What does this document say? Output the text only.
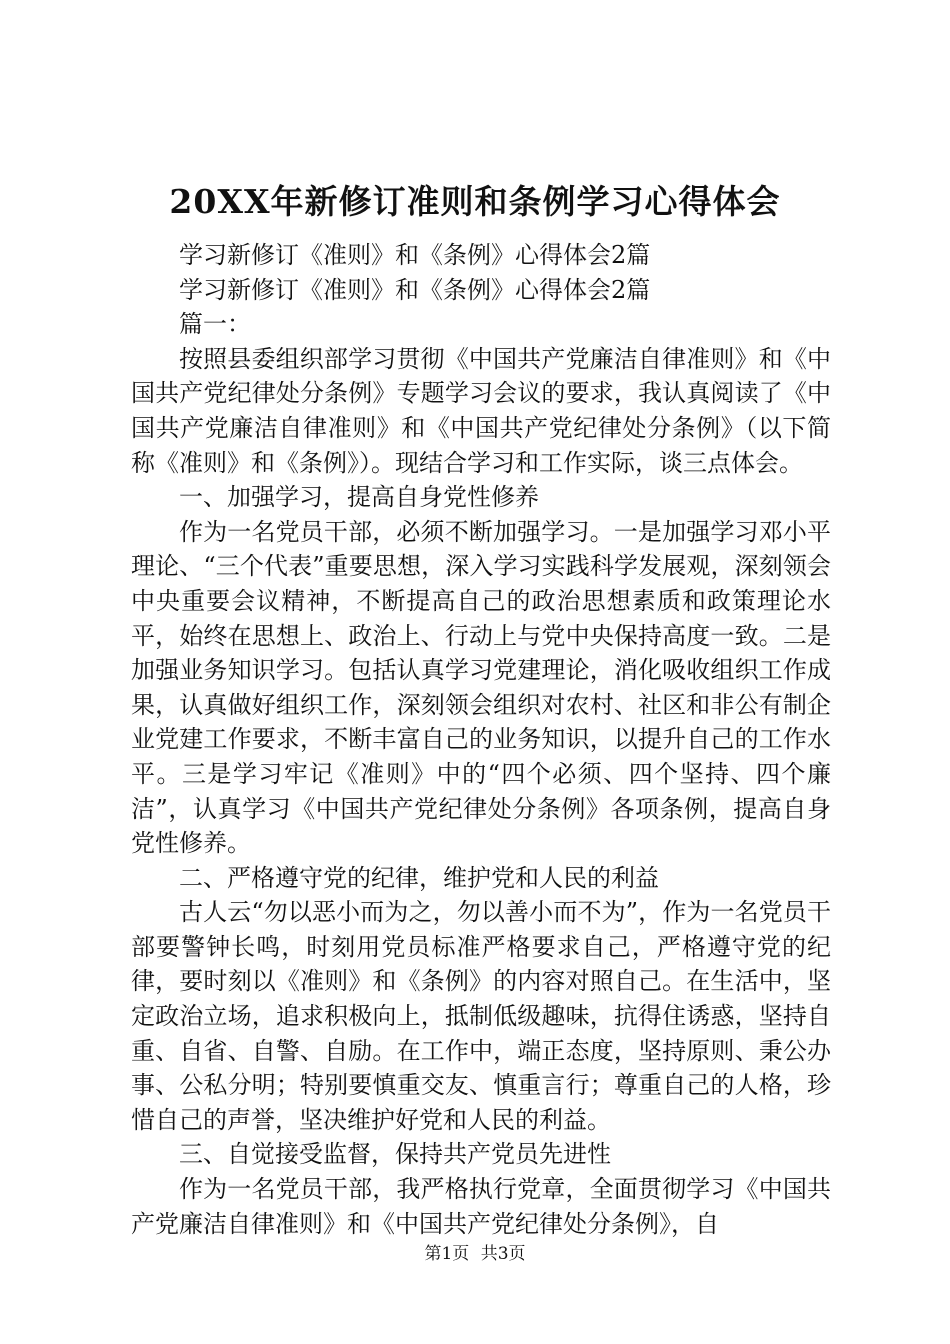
20XX年新修订准则和条例学习心得体会

学习新修订《准则》和《条例》心得体会2篇

学习新修订《准则》和《条例》心得体会2篇

篇一：

按照县委组织部学习贯彻《中国共产党廉洁自律准则》和《中国共产党纪律处分条例》专题学习会议的要求，我认真阅读了《中国共产党廉洁自律准则》和《中国共产党纪律处分条例》（以下简称《准则》和《条例》）。现结合学习和工作实际，谈三点体会。

一、加强学习，提高自身党性修养

作为一名党员干部，必须不断加强学习。一是加强学习邓小平理论、“三个代表”重要思想，深入学习实践科学发展观，深刻领会中央重要会议精神，不断提高自己的政治思想素质和政策理论水平，始终在思想上、政治上、行动上与党中央保持高度一致。二是加强业务知识学习。包括认真学习党建理论，消化吸收组织工作成果，认真做好组织工作，深刻领会组织对农村、社区和非公有制企业党建工作要求，不断丰富自己的业务知识，以提升自己的工作水平。三是学习牢记《准则》中的“四个必须、四个坚持、四个廉洁”，认真学习《中国共产党纪律处分条例》各项条例，提高自身党性修养。

二、严格遵守党的纪律，维护党和人民的利益

古人云“勿以恶小而为之，勿以善小而不为”，作为一名党员干部要警钟长鸣，时刻用党员标准严格要求自己，严格遵守党的纪律，要时刻以《准则》和《条例》的内容对照自己。在生活中，坚定政治立场，追求积极向上，抵制低级趣味，抗得住诱惑，坚持自重、自省、自警、自励。在工作中，端正态度，坚持原则、秉公办事、公私分明；特别要慎重交友、慎重言行；尊重自己的人格，珍惜自己的声誉，坚决维护好党和人民的利益。

三、自觉接受监督，保持共产党员先进性

作为一名党员干部，我严格执行党章，全面贯彻学习《中国共产党廉洁自律准则》和《中国共产党纪律处分条例》，自

第1页 共3页
